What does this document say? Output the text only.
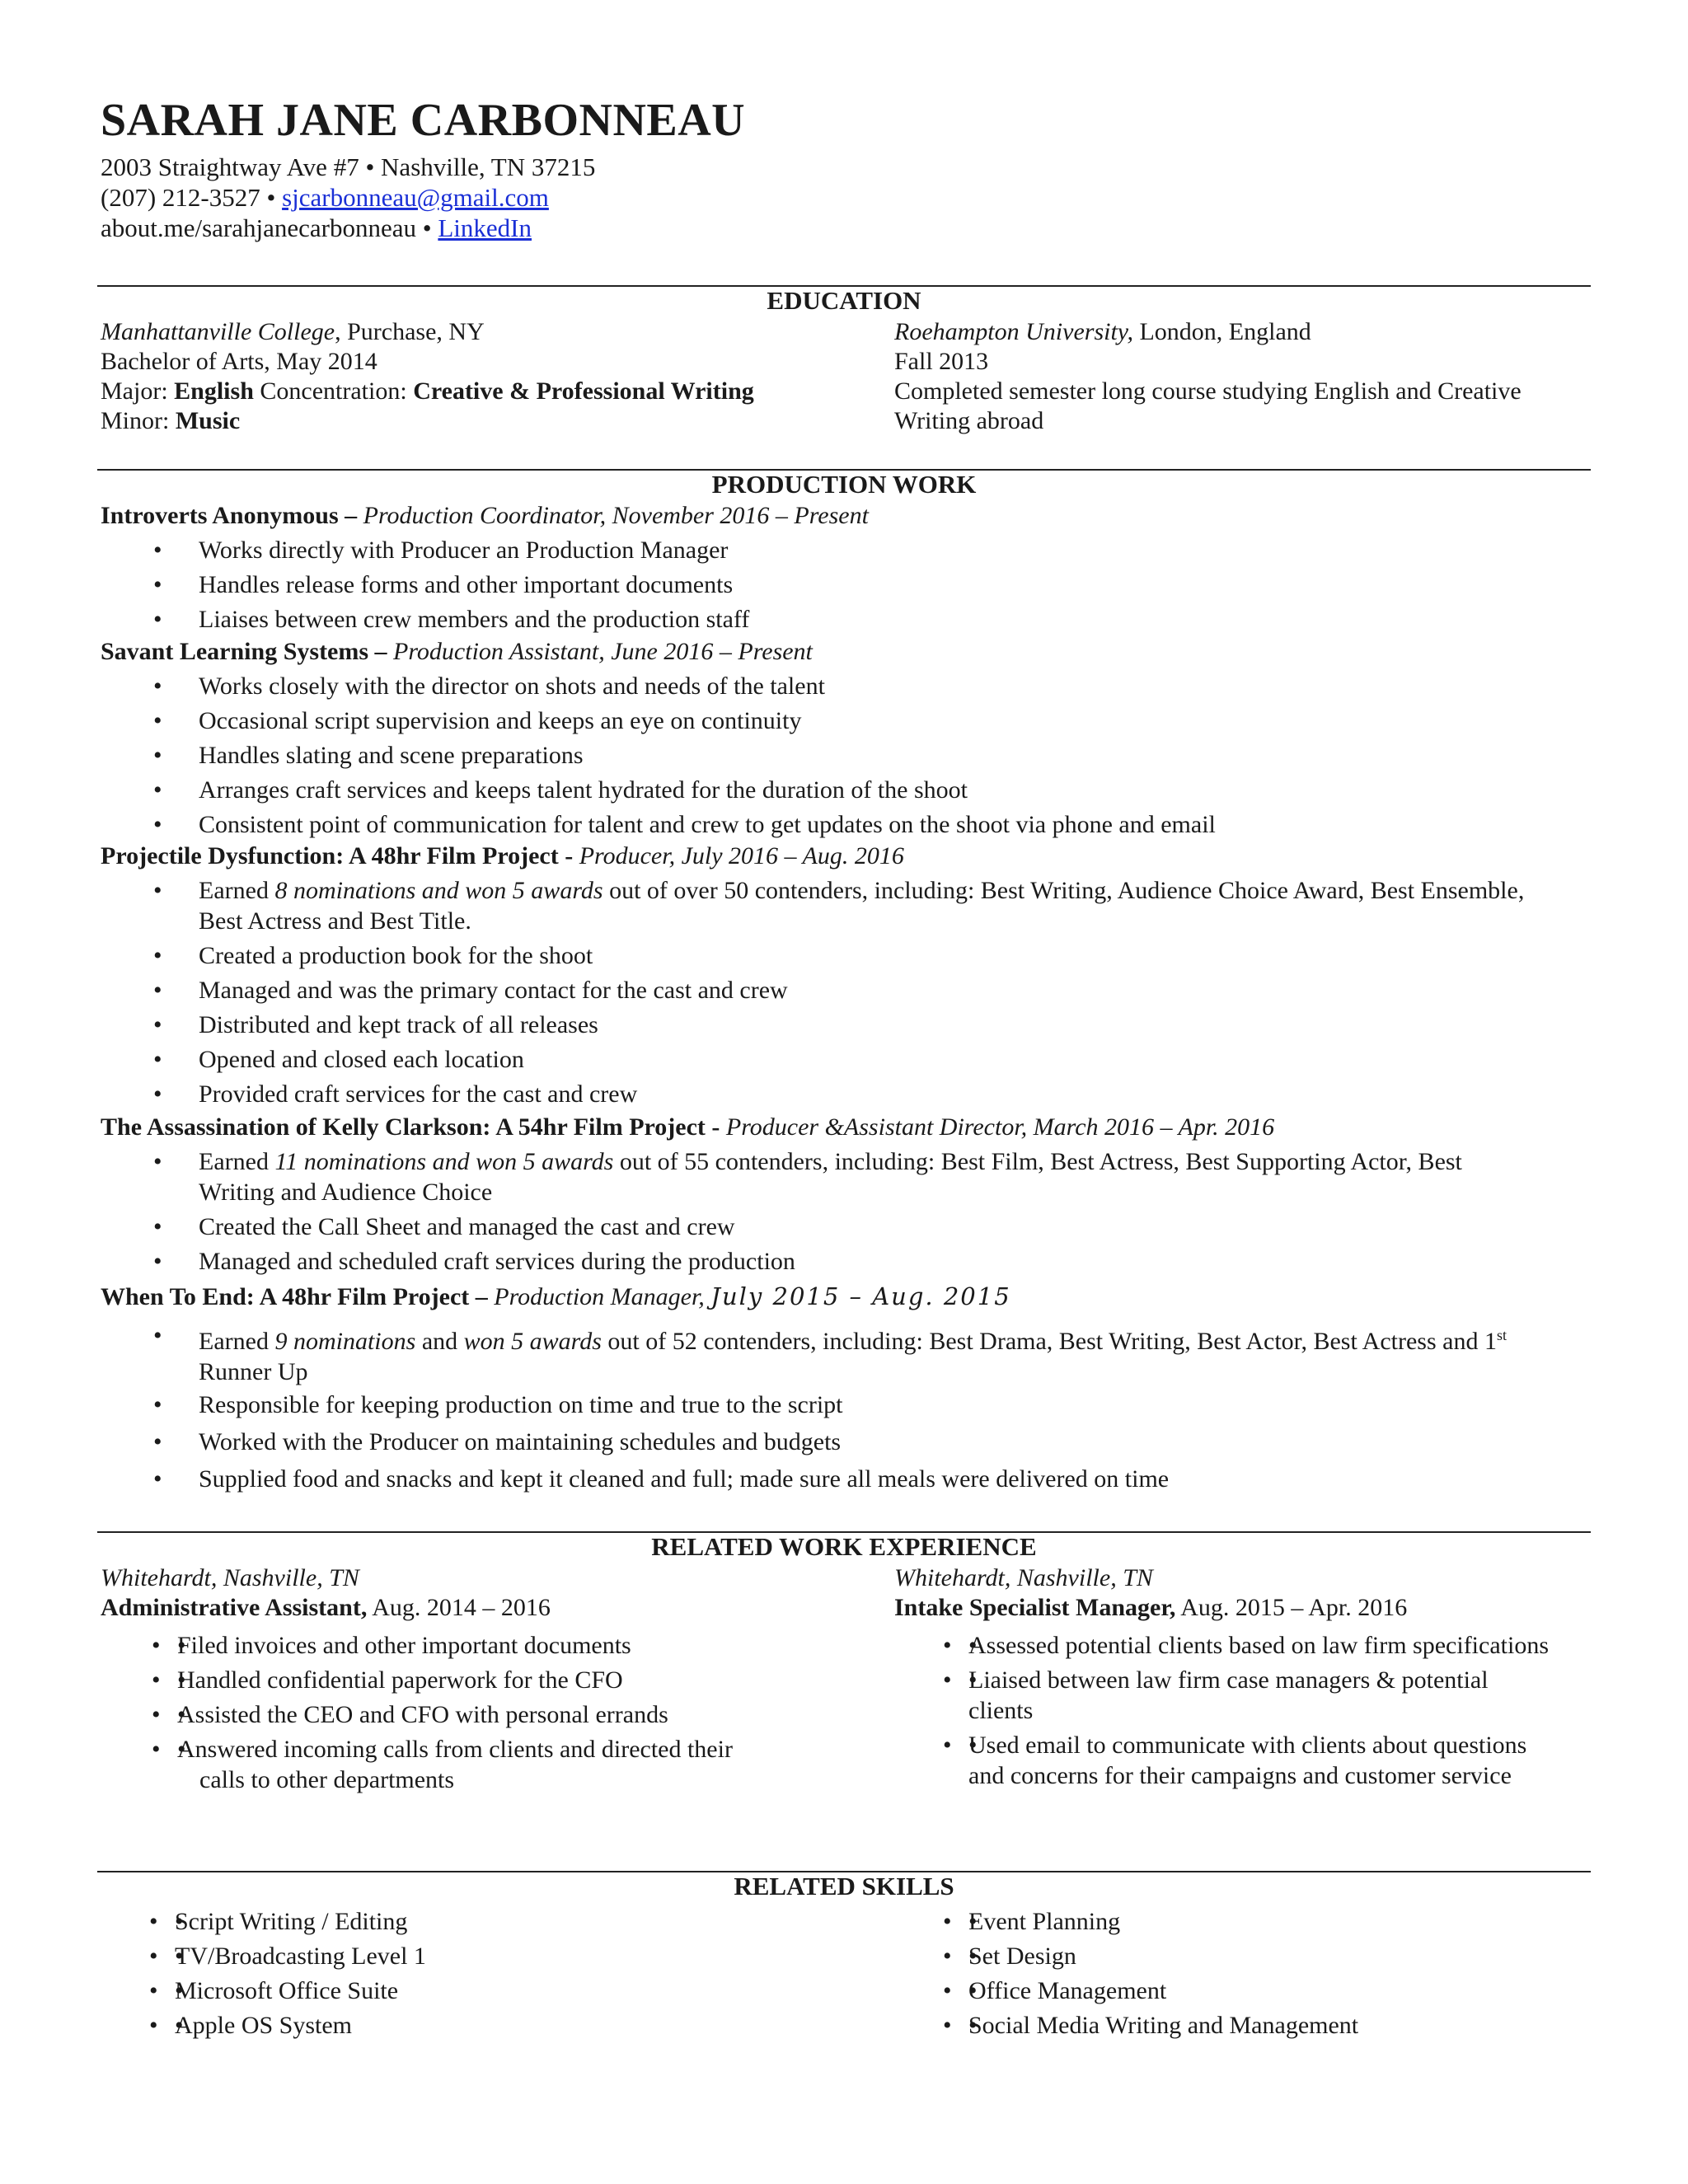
SARAH JANE CARBONNEAU
2003 Straightway Ave #7 • Nashville, TN 37215
(207) 212-3527 • sjcarbonneau@gmail.com
about.me/sarahjanecarbonneau • LinkedIn
EDUCATION
Manhattanville College, Purchase, NY
Bachelor of Arts, May 2014
Major: English Concentration: Creative & Professional Writing
Minor: Music
Roehampton University, London, England
Fall 2013
Completed semester long course studying English and Creative
Writing abroad
PRODUCTION WORK
Introverts Anonymous – Production Coordinator, November 2016 – Present
• Works directly with Producer an Production Manager
• Handles release forms and other important documents
• Liaises between crew members and the production staff
Savant Learning Systems – Production Assistant, June 2016 – Present
• Works closely with the director on shots and needs of the talent
• Occasional script supervision and keeps an eye on continuity
• Handles slating and scene preparations
• Arranges craft services and keeps talent hydrated for the duration of the shoot
• Consistent point of communication for talent and crew to get updates on the shoot via phone and email
Projectile Dysfunction: A 48hr Film Project - Producer, July 2016 – Aug. 2016
• Earned 8 nominations and won 5 awards out of over 50 contenders, including: Best Writing, Audience Choice Award, Best Ensemble,
Best Actress and Best Title.
• Created a production book for the shoot
• Managed and was the primary contact for the cast and crew
• Distributed and kept track of all releases
• Opened and closed each location
• Provided craft services for the cast and crew
The Assassination of Kelly Clarkson: A 54hr Film Project - Producer &Assistant Director, March 2016 – Apr. 2016
• Earned 11 nominations and won 5 awards out of 55 contenders, including: Best Film, Best Actress, Best Supporting Actor, Best
Writing and Audience Choice
• Created the Call Sheet and managed the cast and crew
• Managed and scheduled craft services during the production
When To End: A 48hr Film Project – Production Manager, July 2015 – Aug. 2015
• Earned 9 nominations and won 5 awards out of 52 contenders, including: Best Drama, Best Writing, Best Actor, Best Actress and 1st
Runner Up
• Responsible for keeping production on time and true to the script
• Worked with the Producer on maintaining schedules and budgets
• Supplied food and snacks and kept it cleaned and full; made sure all meals were delivered on time
RELATED WORK EXPERIENCE
Whitehardt, Nashville, TN
Administrative Assistant, Aug. 2014 – 2016
• • Filed invoices and other important documents
• • Handled confidential paperwork for the CFO
• • Assisted the CEO and CFO with personal errands
• • Answered incoming calls from clients and directed their
calls to other departments
Whitehardt, Nashville, TN
Intake Specialist Manager, Aug. 2015 – Apr. 2016
• • Assessed potential clients based on law firm specifications
• • Liaised between law firm case managers & potential
clients
• • Used email to communicate with clients about questions
and concerns for their campaigns and customer service
RELATED SKILLS
• • Script Writing / Editing
• • TV/Broadcasting Level 1
• • Microsoft Office Suite
• • Apple OS System
• • Event Planning
• • Set Design
• • Office Management
• • Social Media Writing and Management
